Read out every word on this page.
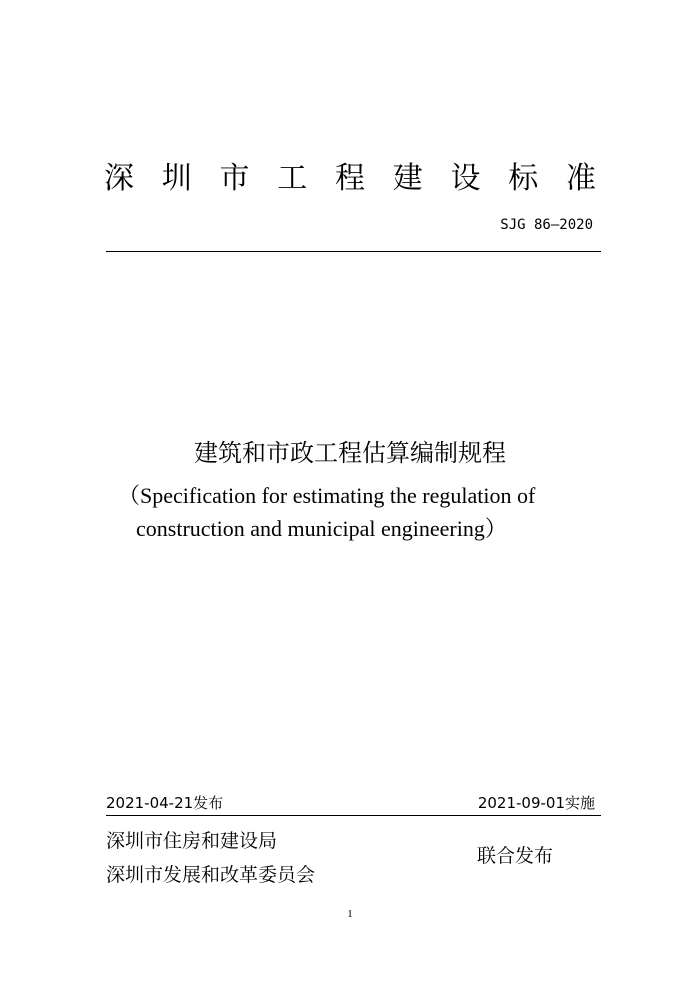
深 圳 市 工 程 建 设 标 准
SJG 86—2020
建筑和市政工程估算编制规程
（Specification for estimating the regulation of
construction and municipal engineering）
2021-04-21发布	2021-09-01实施
深圳市住房和建设局
深圳市发展和改革委员会
联合发布
1
